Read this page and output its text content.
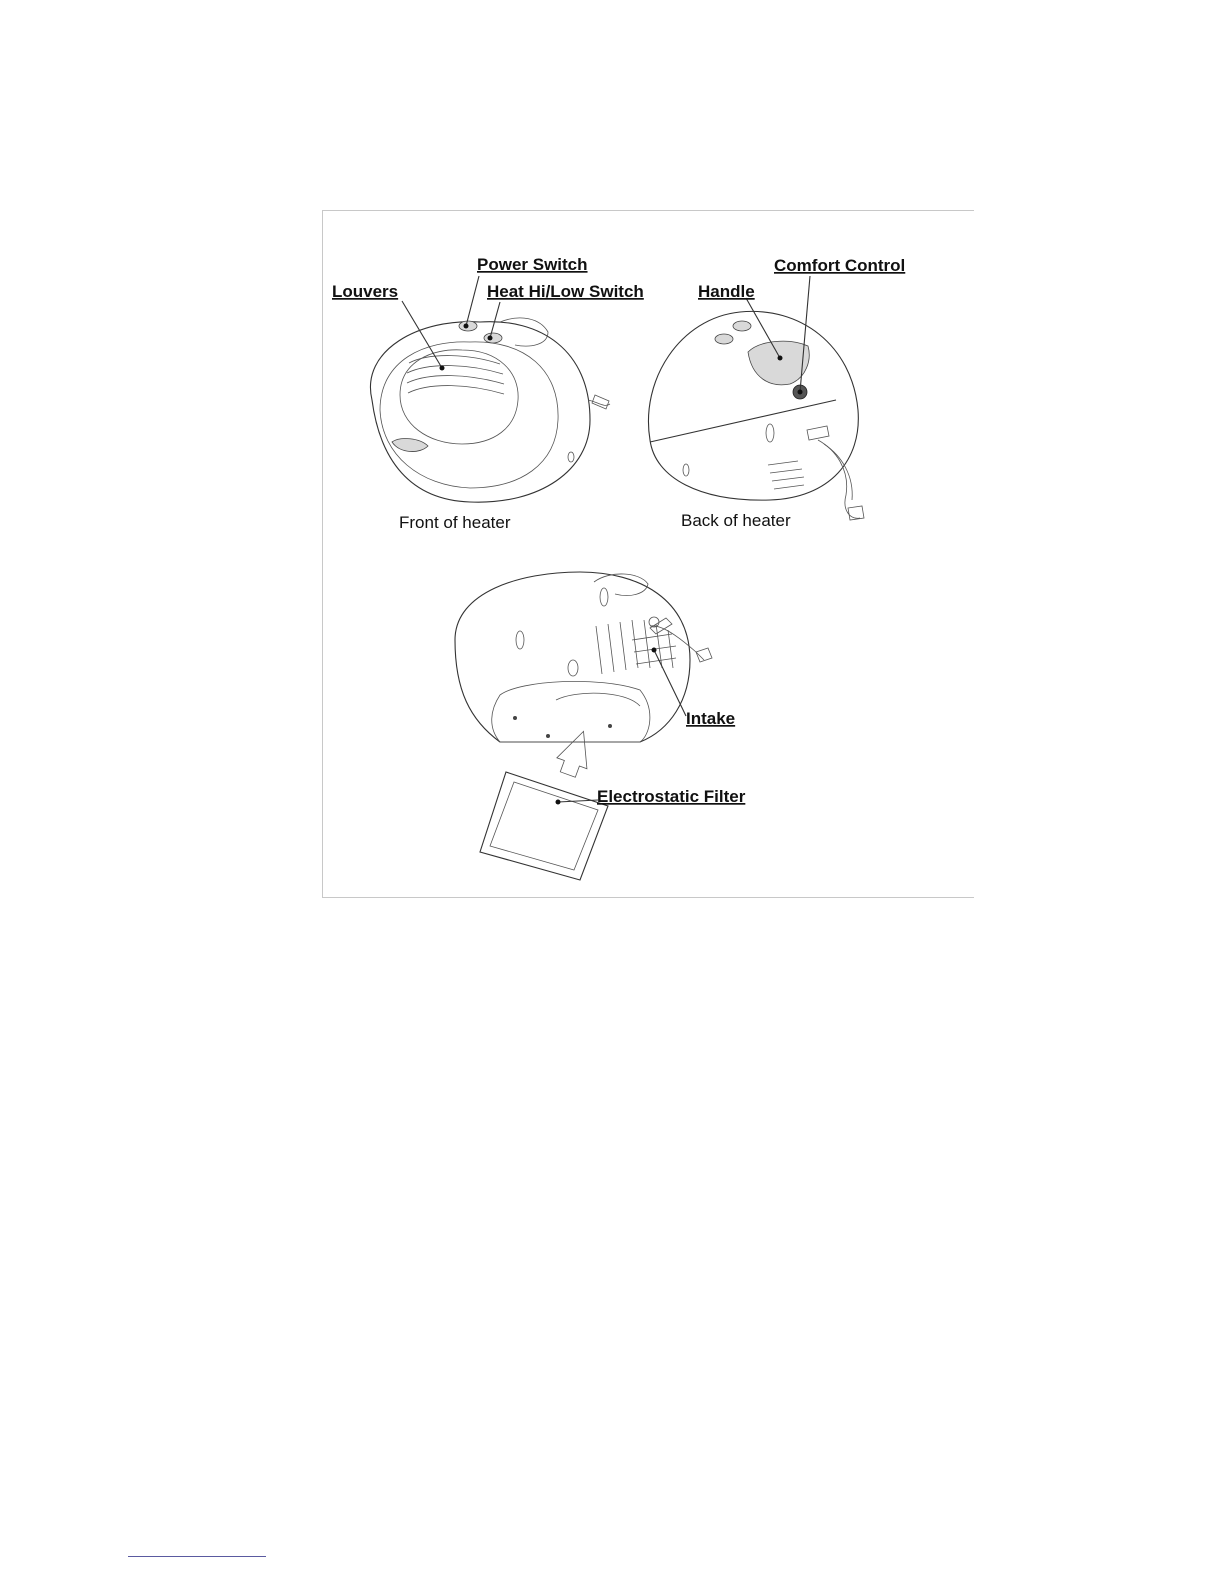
Power Switch
Louvers	Heat Hi/Low Switch
Comfort Control
Handle
Front of heater	Back of heater
Intake
Electrostatic Filter
